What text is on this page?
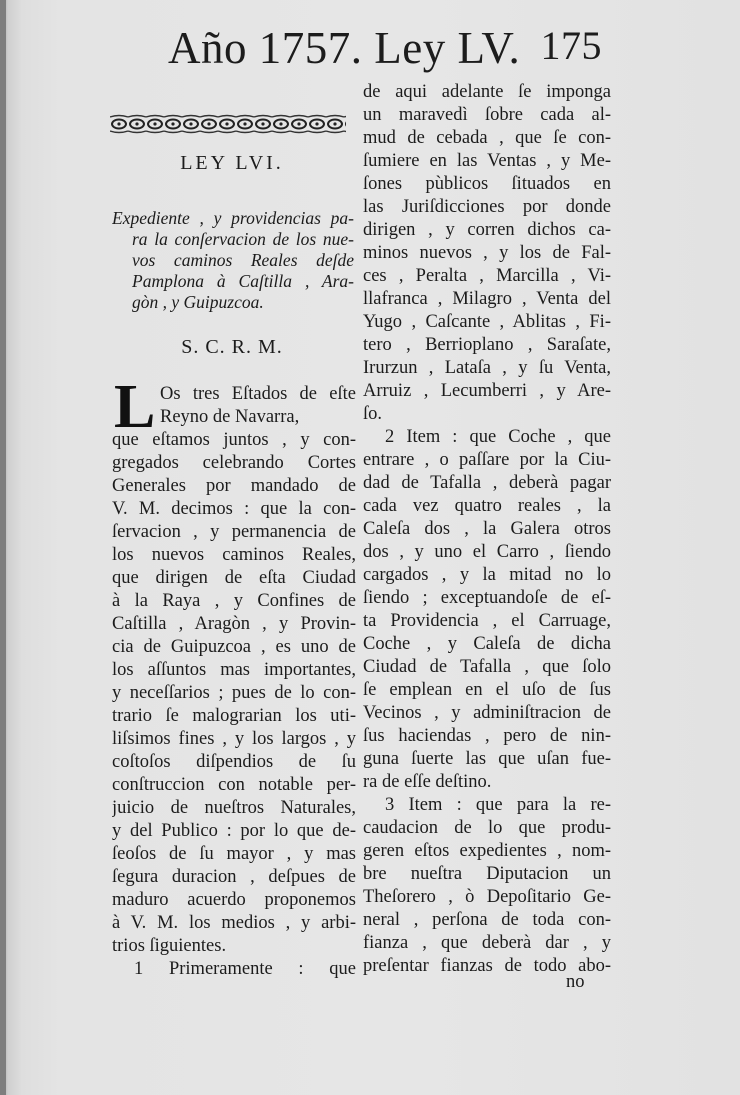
Año 1757. Ley LV. 175
LEY LVI.
Expediente , y providencias pa-
ra la conſervacion de los nue-
vos caminos Reales deſde
Pamplona à Caſtilla , Ara-
gòn , y Guipuzcoa.
S. C. R. M.
L Os tres Eſtados de eſte
Reyno de Navarra,
que eſtamos juntos , y con-
gregados celebrando Cortes
Generales por mandado de
V. M. decimos : que la con-
ſervacion , y permanencia de
los nuevos caminos Reales,
que dirigen de eſta Ciudad
à la Raya , y Confines de
Caſtilla , Aragòn , y Provin-
cia de Guipuzcoa , es uno de
los aſſuntos mas importantes,
y neceſſarios ; pues de lo con-
trario ſe malograrian los uti-
liſsimos fines , y los largos , y
coſtoſos diſpendios de ſu
conſtruccion con notable per-
juicio de nueſtros Naturales,
y del Publico : por lo que de-
ſeoſos de ſu mayor , y mas
ſegura duracion , deſpues de
maduro acuerdo proponemos
à V. M. los medios , y arbi-
trios ſiguientes.
1 Primeramente : que
de aqui adelante ſe imponga
un maravedì ſobre cada al-
mud de cebada , que ſe con-
ſumiere en las Ventas , y Me-
ſones pùblicos ſituados en
las Juriſdicciones por donde
dirigen , y corren dichos ca-
minos nuevos , y los de Fal-
ces , Peralta , Marcilla , Vi-
llafranca , Milagro , Venta del
Yugo , Caſcante , Ablitas , Fi-
tero , Berrioplano , Saraſate,
Irurzun , Lataſa , y ſu Venta,
Arruiz , Lecumberri , y Are-
ſo.
2 Item : que Coche , que
entrare , o paſſare por la Ciu-
dad de Tafalla , deberà pagar
cada vez quatro reales , la
Caleſa dos , la Galera otros
dos , y uno el Carro , ſiendo
cargados , y la mitad no lo
ſiendo ; exceptuandoſe de eſ-
ta Providencia , el Carruage,
Coche , y Caleſa de dicha
Ciudad de Tafalla , que ſolo
ſe emplean en el uſo de ſus
Vecinos , y adminiſtracion de
ſus haciendas , pero de nin-
guna ſuerte las que uſan fue-
ra de eſſe deſtino.
3 Item : que para la re-
caudacion de lo que produ-
geren eſtos expedientes , nom-
bre nueſtra Diputacion un
Theſorero , ò Depoſitario Ge-
neral , perſona de toda con-
fianza , que deberà dar , y
preſentar fianzas de todo abo-
no
